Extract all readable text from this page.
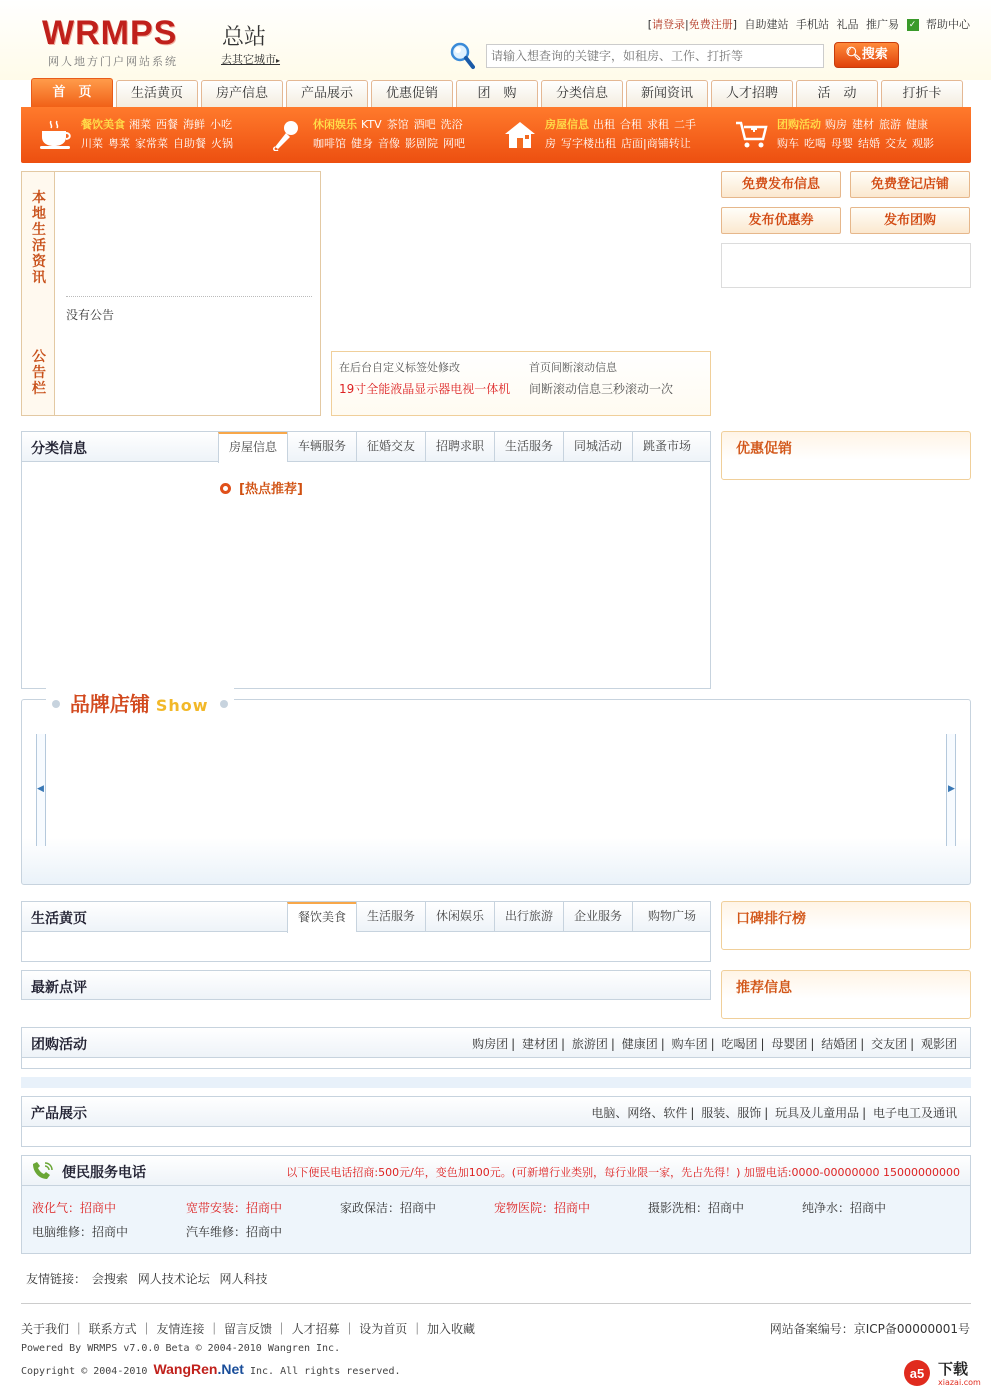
WRMPS
网人地方门户网站系统
总站
去其它城市▸
[请登录|免费注册] 自助建站 手机站 礼品 推广易 ✓ 帮助中心
请输入想查询的关键字，如租房、工作、打折等
🔍︎搜索
首　页	生活黄页	房产信息	产品展示	优惠促销	团　购	分类信息	新闻资讯	人才招聘	活　动	打折卡
餐饮美食 湘菜 西餐 海鲜 小吃
川菜 粤菜 家常菜 自助餐 火锅
休闲娱乐 KTV 茶馆 酒吧 洗浴
咖啡馆 健身 音像 影剧院 网吧
房屋信息 出租 合租 求租 二手
房 写字楼出租 店面|商铺转让
团购活动 购房 建材 旅游 健康
购车 吃喝 母婴 结婚 交友 观影
本
地
生
活
资
讯
公
告
栏
没有公告
在后台自定义标签处修改
19寸全能液晶显示器电视一体机
首页间断滚动信息
间断滚动信息三秒滚动一次
免费发布信息	免费登记店铺
发布优惠券	发布团购
分类信息	房屋信息	车辆服务	征婚交友	招聘求职	生活服务	同城活动	跳蚤市场
[热点推荐]
优惠促销
品牌店铺 Show
◀	▶
生活黄页	餐饮美食	生活服务	休闲娱乐	出行旅游	企业服务	购物广场	口碑排行榜
最新点评	推荐信息
团购活动	购房团 | 建材团 | 旅游团 | 健康团 | 购车团 | 吃喝团 | 母婴团 | 结婚团 | 交友团 | 观影团
产品展示	电脑、网络、软件 | 服装、服饰 | 玩具及儿童用品 | 电子电工及通讯
便民服务电话	以下便民电话招商:500元/年，变色加100元。(可新增行业类别，每行业限一家，先占先得！) 加盟电话:0000-00000000 15000000000
液化气：招商中	宽带安装：招商中	家政保洁：招商中	宠物医院：招商中	摄影洗相：招商中	纯净水：招商中
电脑维修：招商中	汽车维修：招商中
友情链接： 会搜索 网人技术论坛 网人科技
关于我们 ｜ 联系方式 ｜ 友情连接 ｜ 留言反馈 ｜ 人才招募 ｜ 设为首页 ｜ 加入收藏	网站备案编号：京ICP备00000001号
Powered By WRMPS v7.0.0 Beta © 2004-2010 Wangren Inc.
Copyright © 2004-2010 WangRen.Net Inc. All rights reserved.	a5 下载
xiazai.com
